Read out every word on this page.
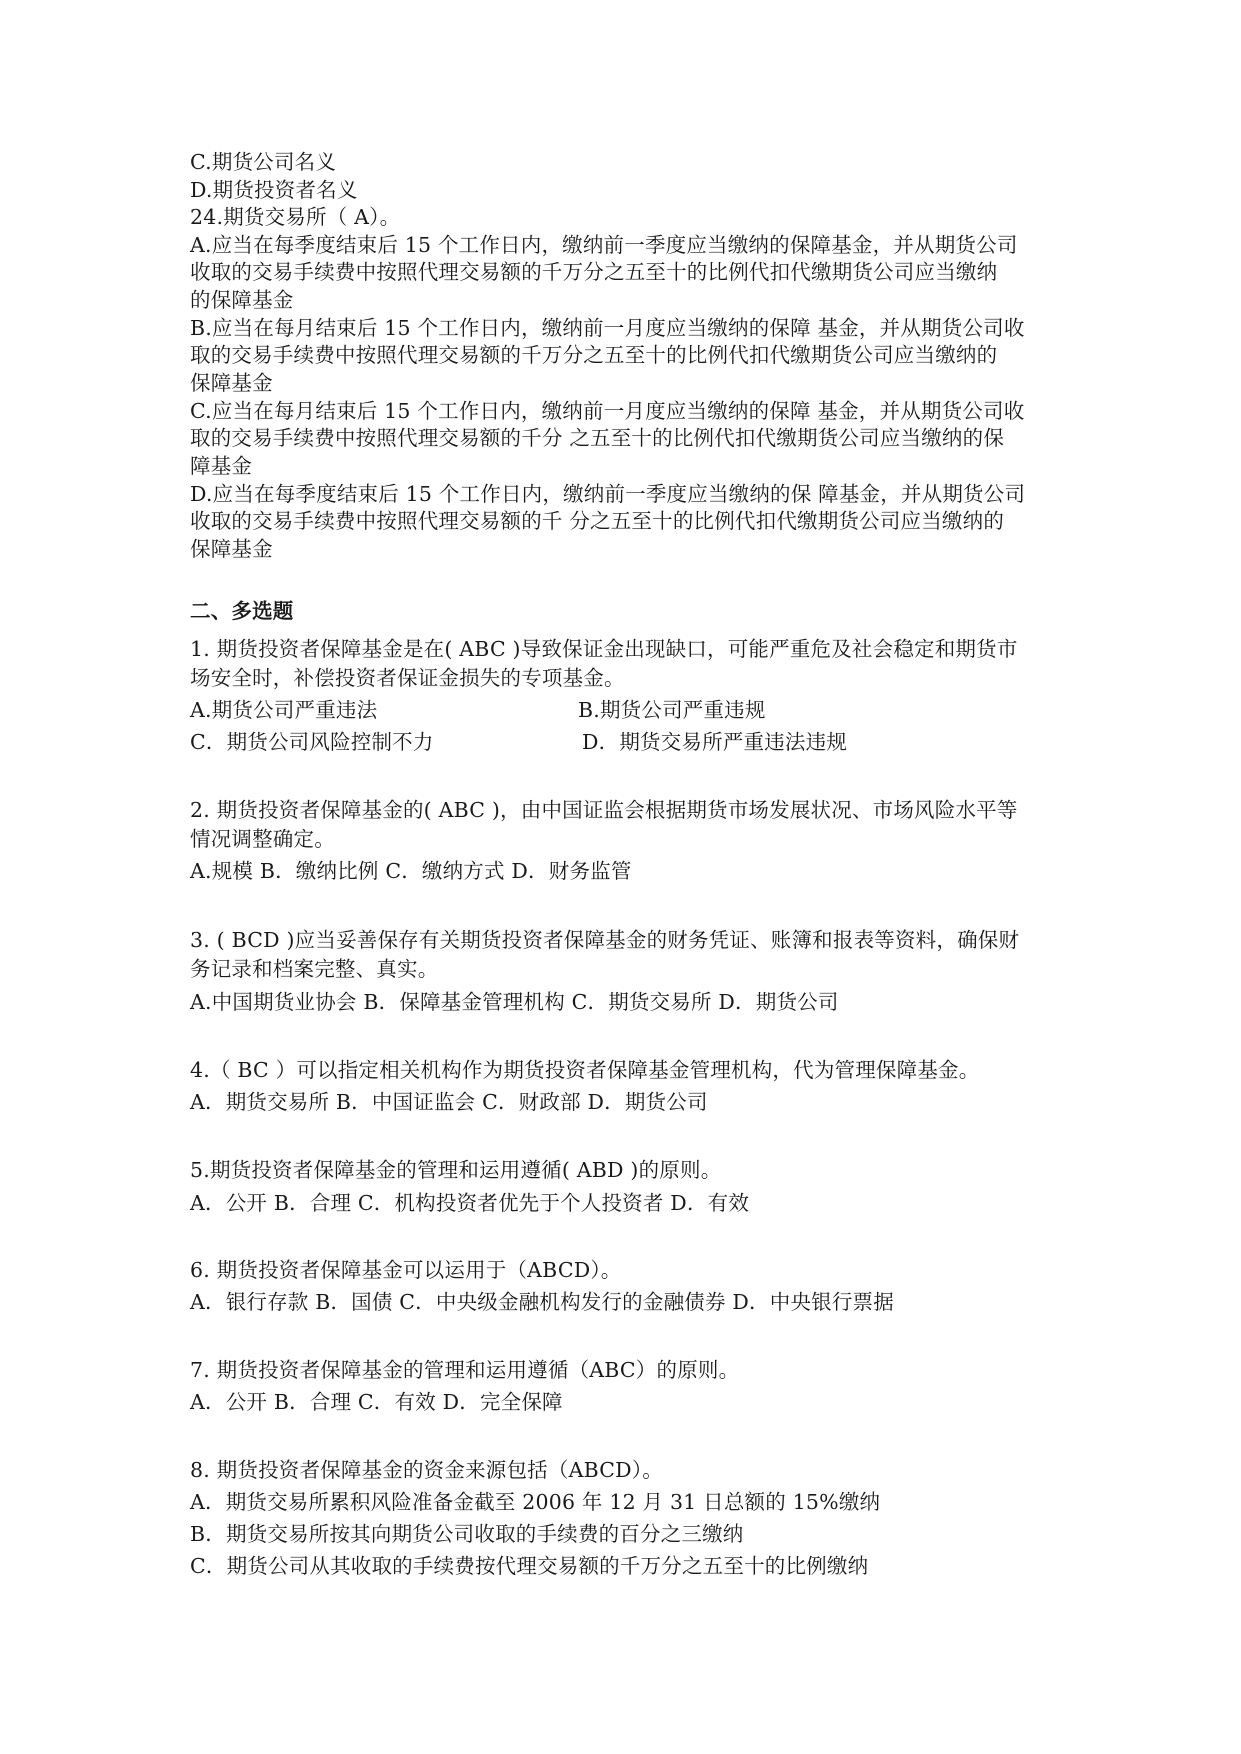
C.期货公司名义
D.期货投资者名义
24.期货交易所（ A）。
A.应当在每季度结束后 15 个工作日内，缴纳前一季度应当缴纳的保障基金，并从期货公司
收取的交易手续费中按照代理交易额的千万分之五至十的比例代扣代缴期货公司应当缴纳
的保障基金
B.应当在每月结束后 15 个工作日内，缴纳前一月度应当缴纳的保障 基金，并从期货公司收
取的交易手续费中按照代理交易额的千万分之五至十的比例代扣代缴期货公司应当缴纳的
保障基金
C.应当在每月结束后 15 个工作日内，缴纳前一月度应当缴纳的保障 基金，并从期货公司收
取的交易手续费中按照代理交易额的千分 之五至十的比例代扣代缴期货公司应当缴纳的保
障基金
D.应当在每季度结束后 15 个工作日内，缴纳前一季度应当缴纳的保 障基金，并从期货公司
收取的交易手续费中按照代理交易额的千 分之五至十的比例代扣代缴期货公司应当缴纳的
保障基金
二、多选题
1. 期货投资者保障基金是在( ABC )导致保证金出现缺口，可能严重危及社会稳定和期货市
场安全时，补偿投资者保证金损失的专项基金。
A.期货公司严重违法	B.期货公司严重违规
C．期货公司风险控制不力	D．期货交易所严重违法违规
2. 期货投资者保障基金的( ABC )，由中国证监会根据期货市场发展状况、市场风险水平等
情况调整确定。
A.规模 B．缴纳比例 C．缴纳方式 D．财务监管
3. ( BCD )应当妥善保存有关期货投资者保障基金的财务凭证、账簿和报表等资料，确保财
务记录和档案完整、真实。
A.中国期货业协会 B．保障基金管理机构 C．期货交易所 D．期货公司
4.（ BC ）可以指定相关机构作为期货投资者保障基金管理机构，代为管理保障基金。
A．期货交易所 B．中国证监会 C．财政部 D．期货公司
5.期货投资者保障基金的管理和运用遵循( ABD )的原则。
A．公开 B．合理 C．机构投资者优先于个人投资者 D．有效
6. 期货投资者保障基金可以运用于（ABCD）。
A．银行存款 B．国债 C．中央级金融机构发行的金融债券 D．中央银行票据
7. 期货投资者保障基金的管理和运用遵循（ABC）的原则。
A．公开 B．合理 C．有效 D．完全保障
8. 期货投资者保障基金的资金来源包括（ABCD）。
A．期货交易所累积风险准备金截至 2006 年 12 月 31 日总额的 15%缴纳
B．期货交易所按其向期货公司收取的手续费的百分之三缴纳
C．期货公司从其收取的手续费按代理交易额的千万分之五至十的比例缴纳
